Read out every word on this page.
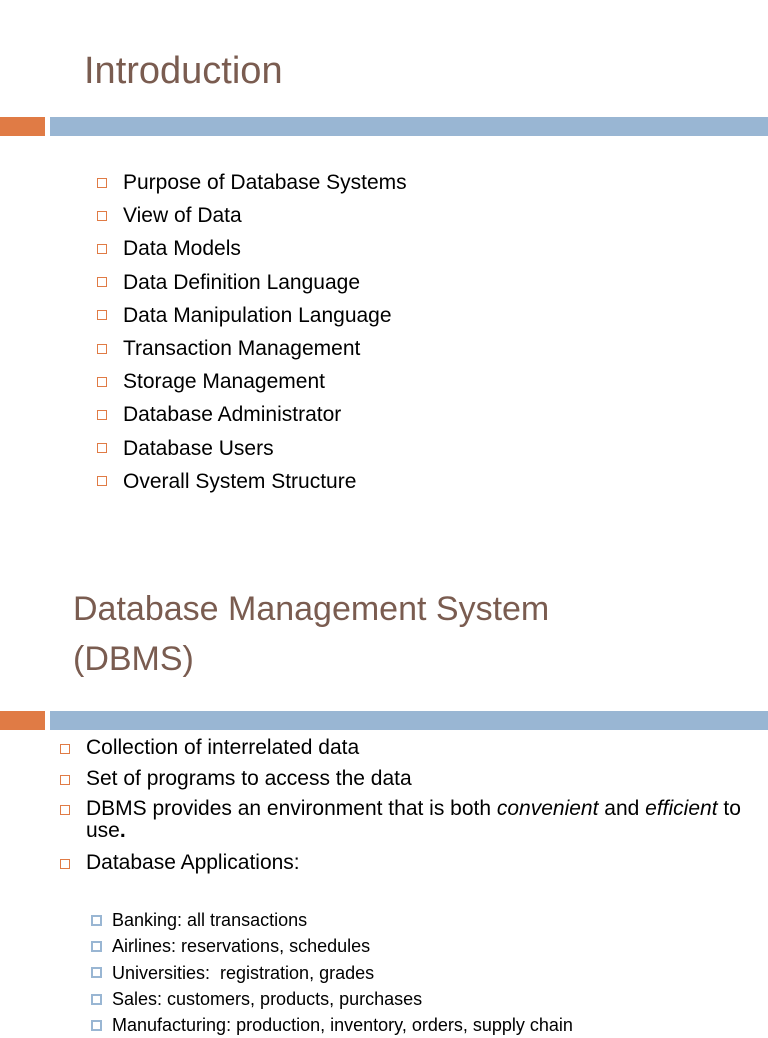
Introduction
Purpose of Database Systems
View of Data
Data Models
Data Definition Language
Data Manipulation Language
Transaction Management
Storage Management
Database Administrator
Database Users
Overall System Structure
Database Management System
(DBMS)
Collection of interrelated data
Set of programs to access the data
DBMS provides an environment that is both convenient and efficient to use.
Database Applications:
Banking: all transactions
Airlines: reservations, schedules
Universities:  registration, grades
Sales: customers, products, purchases
Manufacturing: production, inventory, orders, supply chain
